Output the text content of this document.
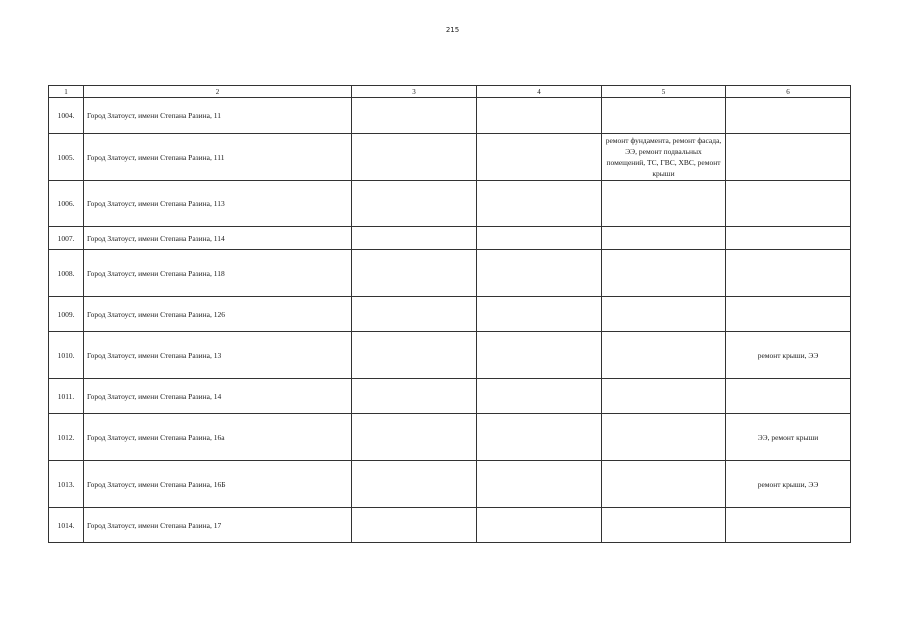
215
1	2	3	4	5	6
1004.	Город Златоуст, имени Степана Разина, 11				
1005.	Город Златоуст, имени Степана Разина, 111			ремонт фундамента, ремонт фасада, ЭЭ, ремонт подвальных помещений, ТС, ГВС, ХВС, ремонт крыши	
1006.	Город Златоуст, имени Степана Разина, 113				
1007.	Город Златоуст, имени Степана Разина, 114				
1008.	Город Златоуст, имени Степана Разина, 118				
1009.	Город Златоуст, имени Степана Разина, 126				
1010.	Город Златоуст, имени Степана Разина, 13				ремонт крыши, ЭЭ
1011.	Город Златоуст, имени Степана Разина, 14				
1012.	Город Златоуст, имени Степана Разина, 16а				ЭЭ, ремонт крыши
1013.	Город Златоуст, имени Степана Разина, 16Б				ремонт крыши, ЭЭ
1014.	Город Златоуст, имени Степана Разина, 17				
